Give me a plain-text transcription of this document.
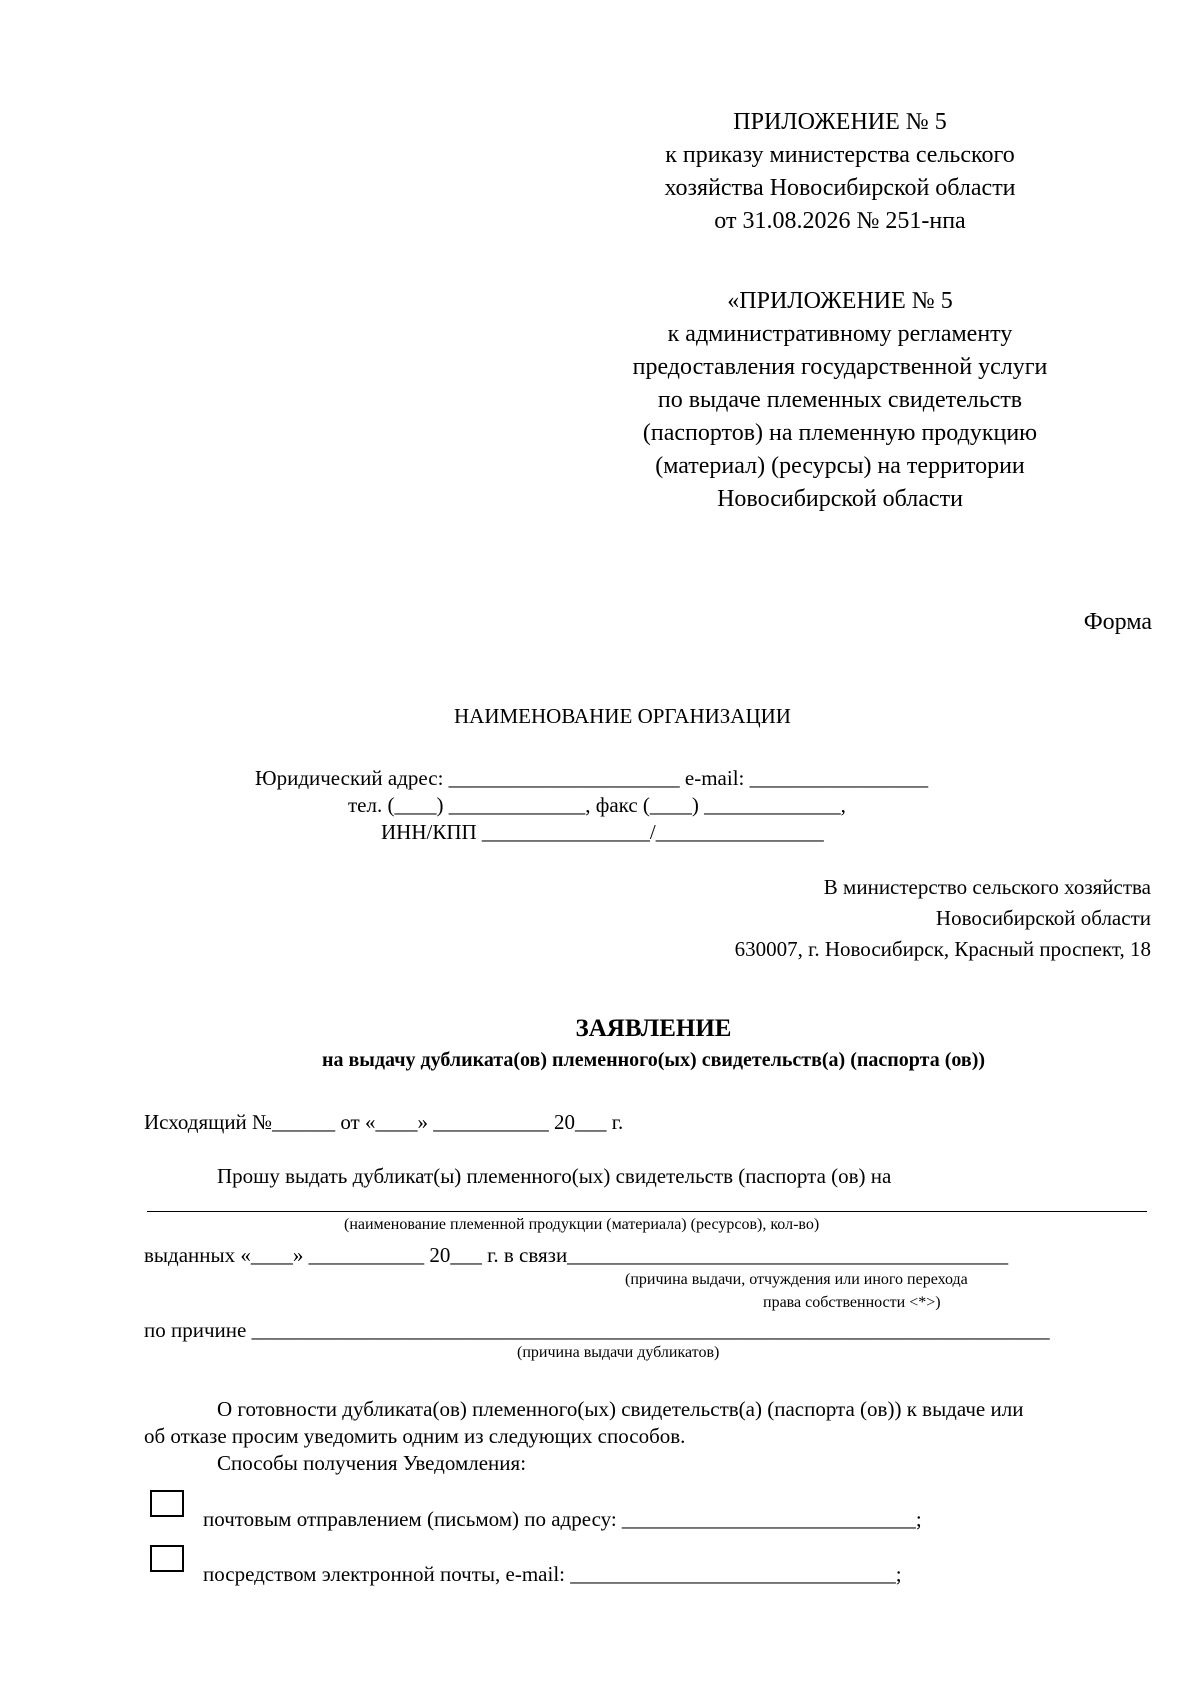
ПРИЛОЖЕНИЕ № 5
к приказу министерства сельского
хозяйства Новосибирской области
от 31.08.2026 № 251-нпа
«ПРИЛОЖЕНИЕ № 5
к административному регламенту
предоставления государственной услуги
по выдаче племенных свидетельств
(паспортов) на племенную продукцию
(материал) (ресурсы) на территории
Новосибирской области
Форма
НАИМЕНОВАНИЕ ОРГАНИЗАЦИИ
Юридический адрес: ______________________ e-mail: _________________
тел. (____) _____________, факс (____) _____________,
ИНН/КПП ________________/________________
В министерство сельского хозяйства
Новосибирской области
630007, г. Новосибирск, Красный проспект, 18
ЗАЯВЛЕНИЕ
на выдачу дубликата(ов) племенного(ых) свидетельств(а) (паспорта (ов))
Исходящий №______ от «____» ___________ 20___ г.
Прошу выдать дубликат(ы) племенного(ых) свидетельств (паспорта (ов) на
(наименование племенной продукции (материала) (ресурсов), кол-во)
выданных «____» ___________ 20___ г. в связи__________________________________________
(причина выдачи, отчуждения или иного перехода
права собственности <*>)
по причине ____________________________________________________________________________
(причина выдачи дубликатов)
О готовности дубликата(ов) племенного(ых) свидетельств(а) (паспорта (ов)) к выдаче или
об отказе просим уведомить одним из следующих способов.
Способы получения Уведомления:
почтовым отправлением (письмом) по адресу: ____________________________;
посредством электронной почты, e-mail: _______________________________;
